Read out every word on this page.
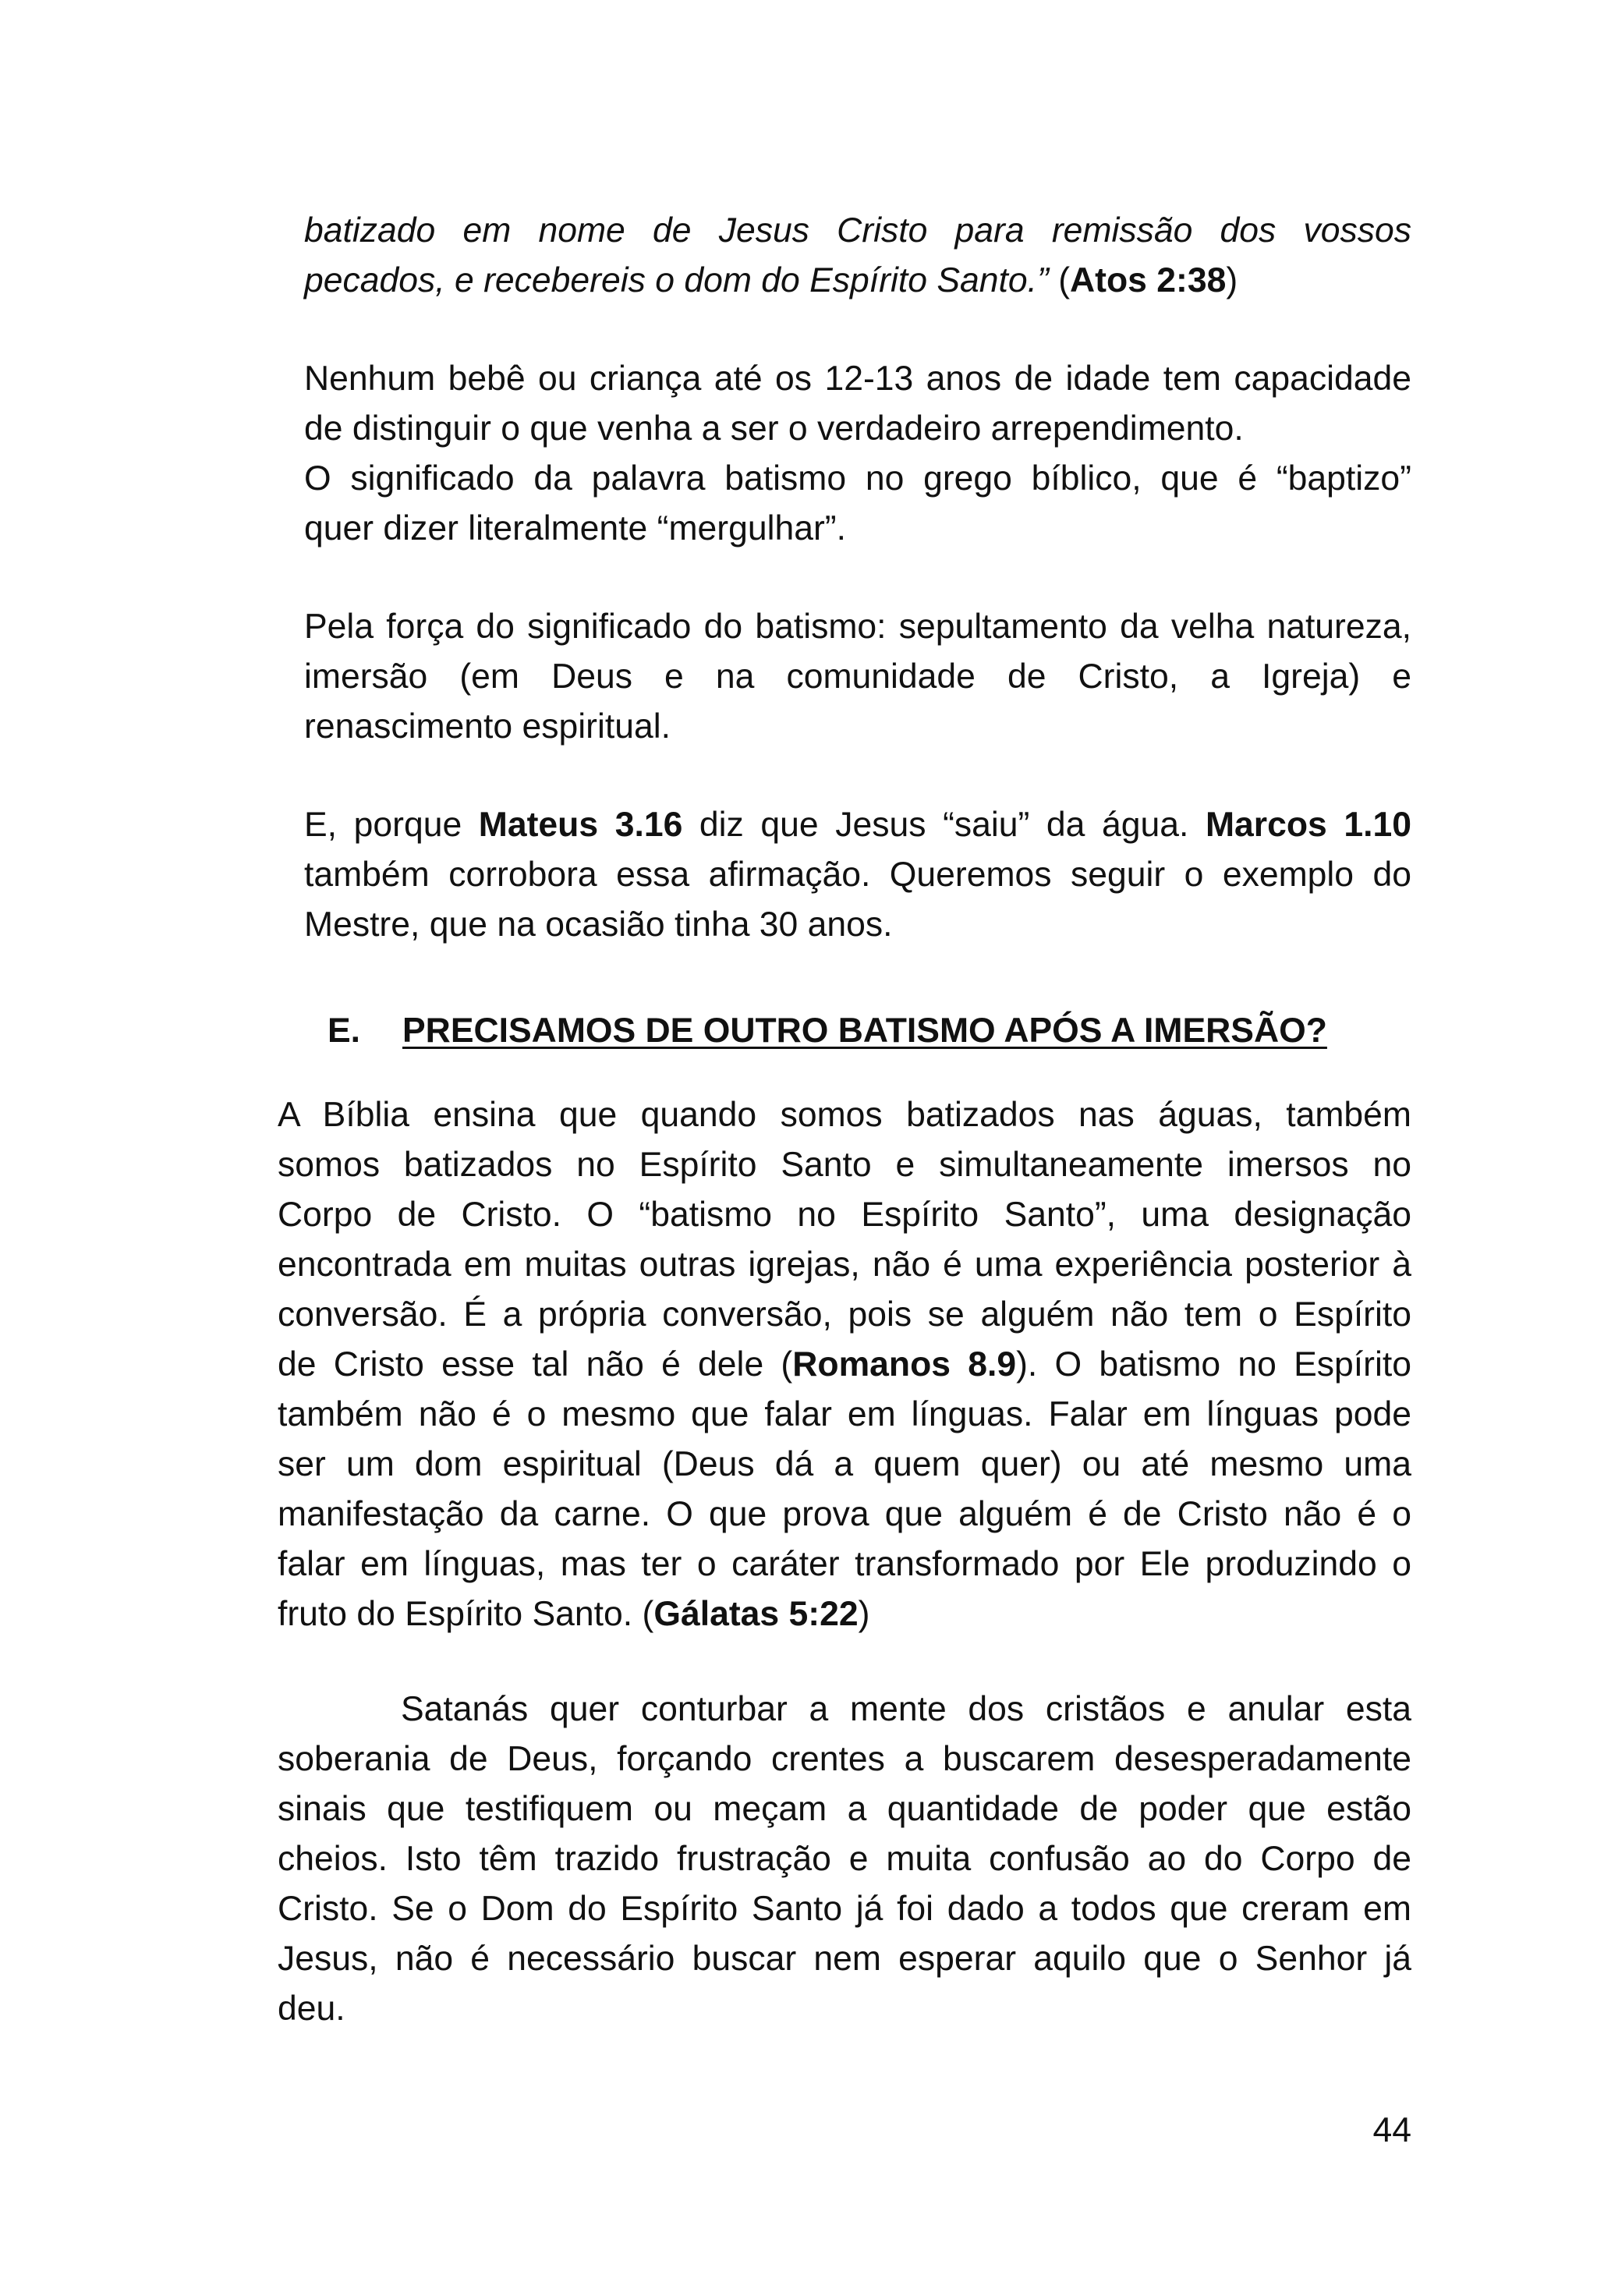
batizado em nome de Jesus Cristo para remissão dos vossos
pecados, e recebereis o dom do Espírito Santo.” (Atos 2:38)
Nenhum bebê ou criança até os 12-13 anos de idade tem capacidade
de distinguir o que venha a ser o verdadeiro arrependimento.
O significado da palavra batismo no grego bíblico, que é “baptizo”
quer dizer literalmente “mergulhar”.
Pela força do significado do batismo: sepultamento da velha natureza,
imersão (em Deus e na comunidade de Cristo, a Igreja) e
renascimento espiritual.
E, porque Mateus 3.16 diz que Jesus “saiu” da água. Marcos 1.10
também corrobora essa afirmação. Queremos seguir o exemplo do
Mestre, que na ocasião tinha 30 anos.
E. PRECISAMOS DE OUTRO BATISMO APÓS A IMERSÃO?
A Bíblia ensina que quando somos batizados nas águas, também
somos batizados no Espírito Santo e simultaneamente imersos no
Corpo de Cristo. O “batismo no Espírito Santo”, uma designação
encontrada em muitas outras igrejas, não é uma experiência posterior à
conversão. É a própria conversão, pois se alguém não tem o Espírito
de Cristo esse tal não é dele (Romanos 8.9). O batismo no Espírito
também não é o mesmo que falar em línguas. Falar em línguas pode
ser um dom espiritual (Deus dá a quem quer) ou até mesmo uma
manifestação da carne. O que prova que alguém é de Cristo não é o
falar em línguas, mas ter o caráter transformado por Ele produzindo o
fruto do Espírito Santo. (Gálatas 5:22)
Satanás quer conturbar a mente dos cristãos e anular esta
soberania de Deus, forçando crentes a buscarem desesperadamente
sinais que testifiquem ou meçam a quantidade de poder que estão
cheios. Isto têm trazido frustração e muita confusão ao do Corpo de
Cristo. Se o Dom do Espírito Santo já foi dado a todos que creram em
Jesus, não é necessário buscar nem esperar aquilo que o Senhor já
deu.
44
